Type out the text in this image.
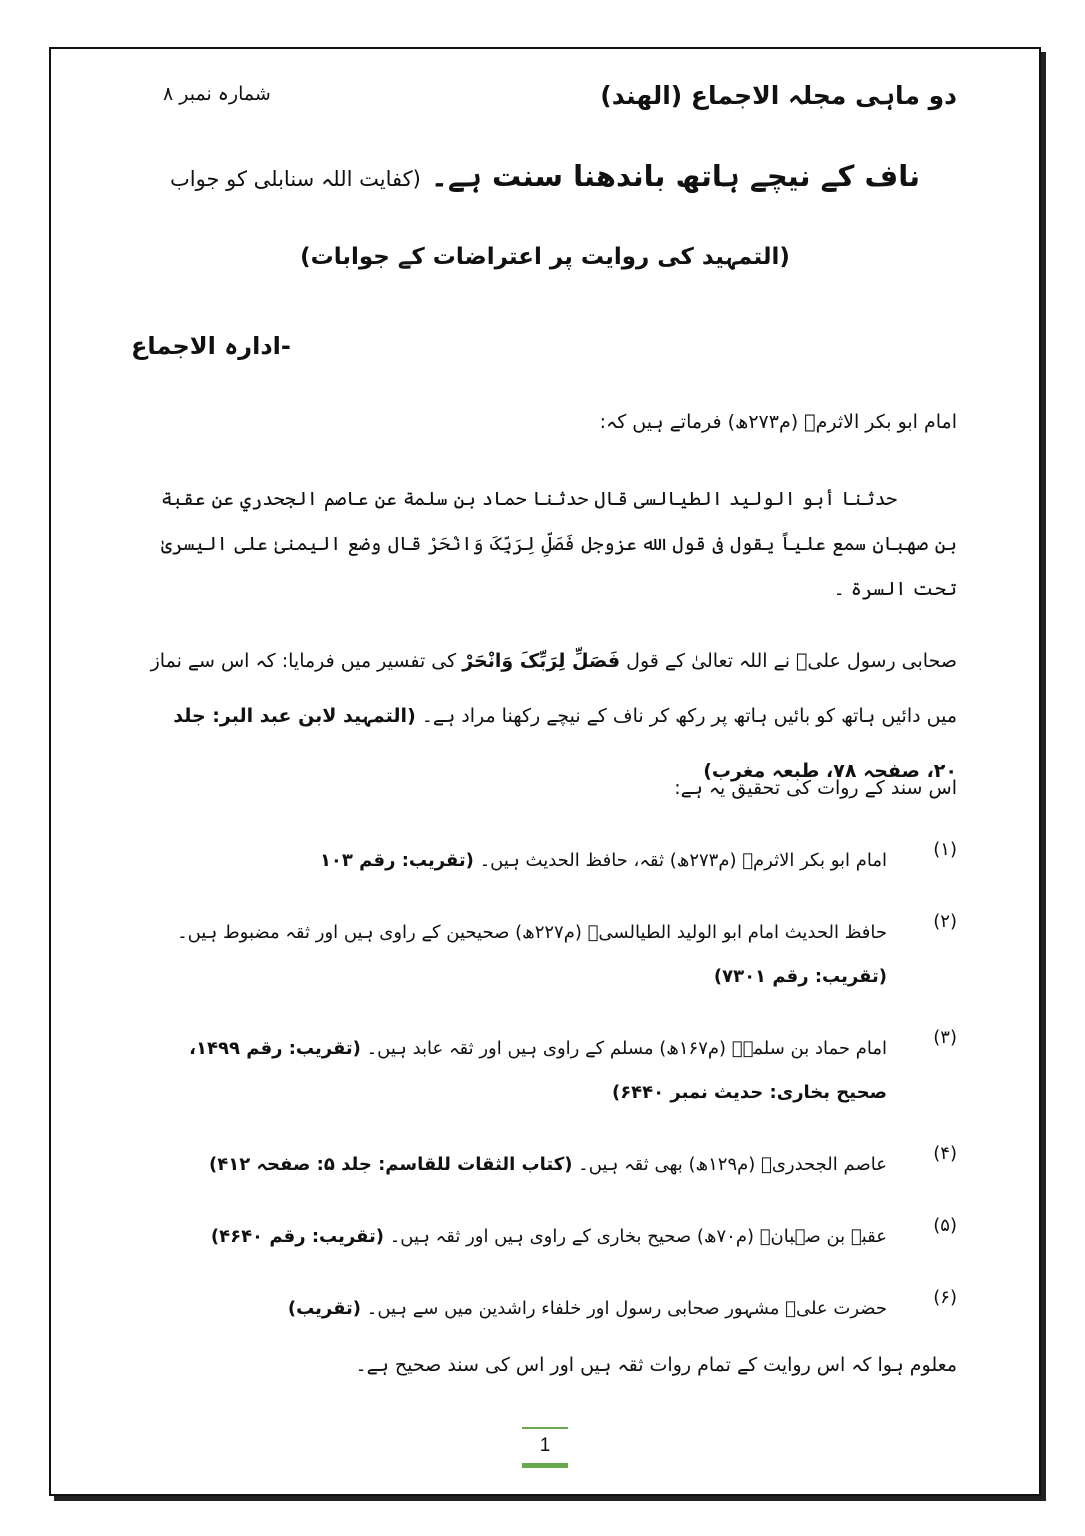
دو ماہی مجلہ الاجماع (الھند)
شمارہ نمبر ۸
ناف کے نیچے ہاتھ باندھنا سنت ہے۔ (کفایت اللہ سنابلی کو جواب
(التمہید کی روایت پر اعتراضات کے جوابات)
-ادارہ الاجماع
امام ابو بکر الاثرمؒ (م۲۷۳ھ) فرماتے ہیں کہ:

حدثنا أبو الوليد الطيالسی قال حدثنا حماد بن سلمة عن عاصم الجحدري عن عقبة بن صهبان سمع علياً يقول فی قول الله عزوجل فَصَلِّ لِرَبِّکَ وَانْحَرْ قال وضع اليمنیٰ علی اليسریٰ تحت السرة ۔

صحابی رسول علیؓ نے اللہ تعالیٰ کے قول فَصَلِّ لِرَبِّکَ وَانْحَرْ کی تفسیر میں فرمایا: کہ اس سے نماز میں دائیں ہاتھ کو بائیں ہاتھ پر رکھ کر ناف کے نیچے رکھنا مراد ہے۔ (التمہید لابن عبد البر: جلد ۲۰، صفحہ ۷۸، طبعہ مغرب)

اس سند کے روات کی تحقیق یہ ہے:
(۱)
امام ابو بکر الاثرمؒ (م۲۷۳ھ) ثقہ، حافظ الحدیث ہیں۔ (تقریب: رقم ۱۰۳
(۲)
حافظ الحدیث امام ابو الولید الطیالسیؒ (م۲۲۷ھ) صحیحین کے راوی ہیں اور ثقہ مضبوط ہیں۔ (تقریب: رقم ۷۳۰۱)
(۳)
امام حماد بن سلمہؒ (م۱۶۷ھ) مسلم کے راوی ہیں اور ثقہ عابد ہیں۔ (تقریب: رقم ۱۴۹۹، صحیح بخاری: حدیث نمبر ۶۴۴۰)
(۴)
عاصم الجحدریؒ (م۱۲۹ھ) بھی ثقہ ہیں۔ (کتاب الثقات للقاسم: جلد ۵: صفحہ ۴۱۲)
(۵)
عقبہ بن صہبانؒ (م۷۰ھ) صحیح بخاری کے راوی ہیں اور ثقہ ہیں۔ (تقریب: رقم ۴۶۴۰)
(۶)
حضرت علیؓ مشہور صحابی رسول اور خلفاء راشدین میں سے ہیں۔ (تقریب)
معلوم ہوا کہ اس روایت کے تمام روات ثقہ ہیں اور اس کی سند صحیح ہے۔
1
